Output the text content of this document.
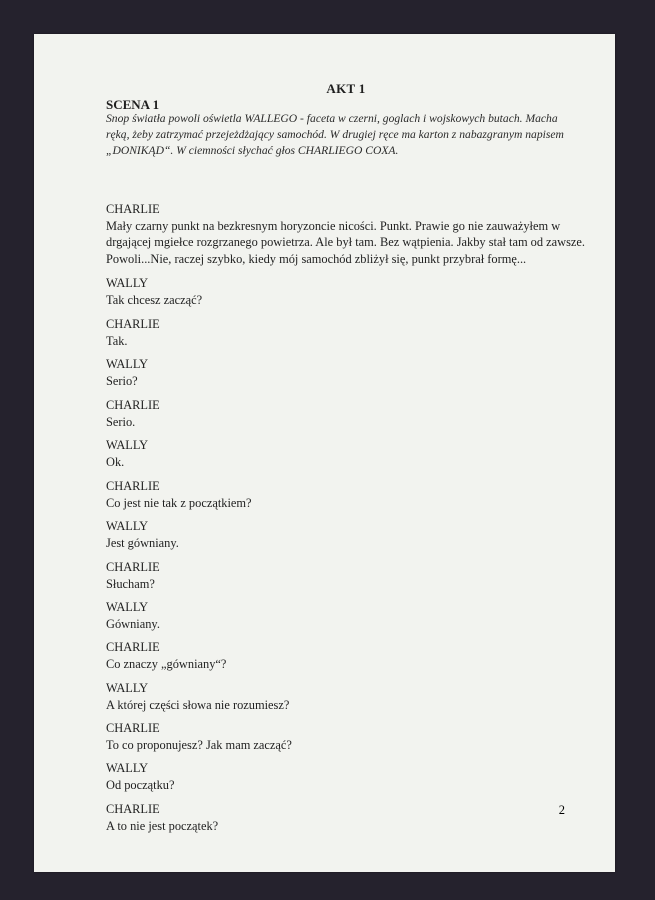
AKT 1
SCENA 1
Snop światła powoli oświetla WALLEGO - faceta w czerni, goglach i wojskowych butach. Macha ręką, żeby zatrzymać przejeżdżający samochód. W drugiej ręce ma karton z nabazgranym napisem „DONIKĄD“. W ciemności słychać głos CHARLIEGO COXA.
CHARLIE
Mały czarny punkt na bezkresnym horyzoncie nicości. Punkt. Prawie go nie zauważyłem w drgającej mgiełce rozgrzanego powietrza. Ale był tam. Bez wątpienia. Jakby stał tam od zawsze. Powoli...Nie, raczej szybko, kiedy mój samochód zbliżył się, punkt przybrał formę...
WALLY
Tak chcesz zacząć?
CHARLIE
Tak.
WALLY
Serio?
CHARLIE
Serio.
WALLY
Ok.
CHARLIE
Co jest nie tak z początkiem?
WALLY
Jest gówniany.
CHARLIE
Słucham?
WALLY
Gówniany.
CHARLIE
Co znaczy „gówniany“?
WALLY
A której części słowa nie rozumiesz?
CHARLIE
To co proponujesz? Jak mam zacząć?
WALLY
Od początku?
CHARLIE
A to nie jest początek?
2
